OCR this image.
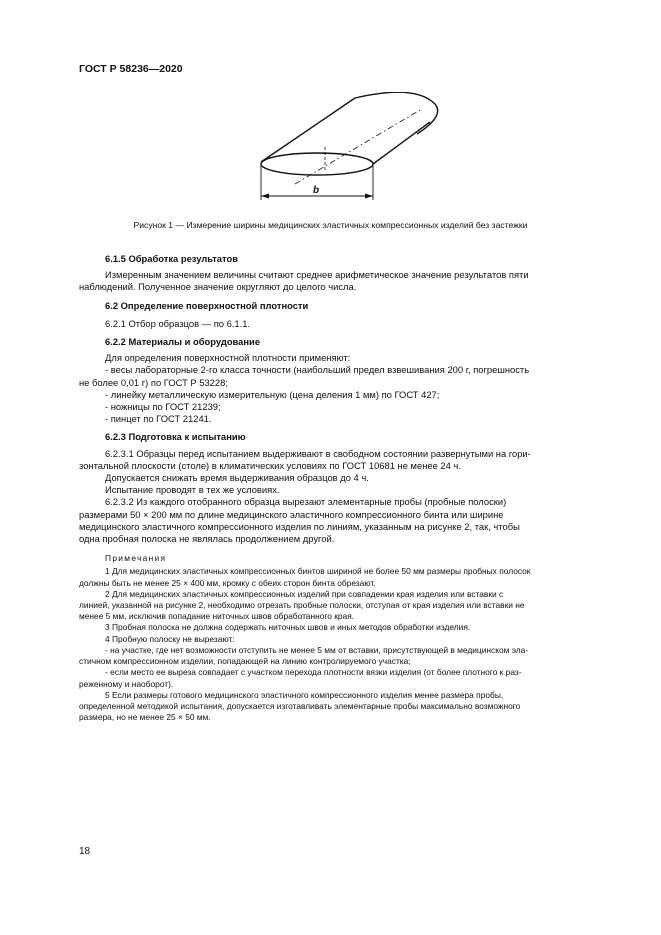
ГОСТ Р 58236—2020
b
Рисунок 1 — Измерение ширины медицинских эластичных компрессионных изделий без застежки

6.1.5 Обработка результатов

Измеренным значением величины считают среднее арифметическое значение результатов пяти

наблюдений. Полученное значение округляют до целого числа.

6.2 Определение поверхностной плотности

6.2.1 Отбор образцов — по 6.1.1.

6.2.2 Материалы и оборудование

Для определения поверхностной плотности применяют:

- весы лабораторные 2-го класса точности (наибольший предел взвешивания 200 г, погрешность

не более 0,01 г) по ГОСТ Р 53228;

- линейку металлическую измерительную (цена деления 1 мм) по ГОСТ 427;

- ножницы по ГОСТ 21239;

- пинцет по ГОСТ 21241.

6.2.3 Подготовка к испытанию

6.2.3.1 Образцы перед испытанием выдерживают в свободном состоянии развернутыми на гори-

зонтальной плоскости (столе) в климатических условиях по ГОСТ 10681 не менее 24 ч.

Допускается снижать время выдерживания образцов до 4 ч.

Испытание проводят в тех же условиях.

6.2.3.2 Из каждого отобранного образца вырезают элементарные пробы (пробные полоски)

размерами 50 × 200 мм по длине медицинского эластичного компрессионного бинта или ширине

медицинского эластичного компрессионного изделия по линиям, указанным на рисунке 2, так, чтобы

одна пробная полоска не являлась продолжением другой.

Примечания

1 Для медицинских эластичных компрессионных бинтов шириной не более 50 мм размеры пробных полосок

должны быть не менее 25 × 400 мм, кромку с обеих сторон бинта обрезают.

2 Для медицинских эластичных компрессионных изделий при совпадении края изделия или вставки с

линией, указанной на рисунке 2, необходимо отрезать пробные полоски, отступая от края изделия или вставки не

менее 5 мм, исключив попадание ниточных швов обработанного края.

3 Пробная полоска не должна содержать ниточных швов и иных методов обработки изделия.

4 Пробную полоску не вырезают:

- на участке, где нет возможности отступить не менее 5 мм от вставки, присутствующей в медицинском эла-

стичном компрессионном изделии, попадающей на линию контролируемого участка;

- если место ее выреза совпадает с участком перехода плотности вязки изделия (от более плотного к раз-

реженному и наоборот).

5 Если размеры готового медицинского эластичного компрессионного изделия менее размера пробы,

определенной методикой испытания, допускается изготавливать элементарные пробы максимально возможного

размера, но не менее 25 × 50 мм.

18
